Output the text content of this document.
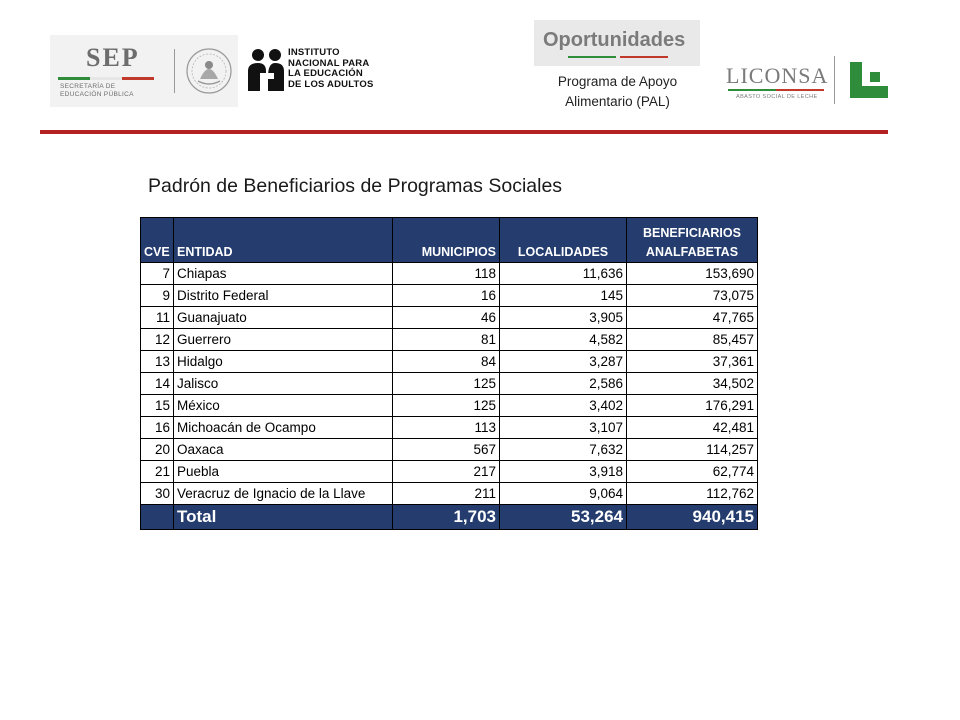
SEP
SECRETARÍA DE
EDUCACIÓN PÚBLICA
INSTITUTO
NACIONAL PARA
LA EDUCACIÓN
DE LOS ADULTOS
Oportunidades
Programa de Apoyo
Alimentario (PAL)
LICONSA
ABASTO SOCIAL DE LECHE
Padrón de Beneficiarios de Programas Sociales
CVE	ENTIDAD	MUNICIPIOS	LOCALIDADES	BENEFICIARIOS
ANALFABETAS

7	Chiapas	118	11,636	153,690
9	Distrito Federal	16	145	73,075
11	Guanajuato	46	3,905	47,765
12	Guerrero	81	4,582	85,457
13	Hidalgo	84	3,287	37,361
14	Jalisco	125	2,586	34,502
15	México	125	3,402	176,291
16	Michoacán de Ocampo	113	3,107	42,481
20	Oaxaca	567	7,632	114,257
21	Puebla	217	3,918	62,774
30	Veracruz de Ignacio de la Llave	211	9,064	112,762
	Total	1,703	53,264	940,415
